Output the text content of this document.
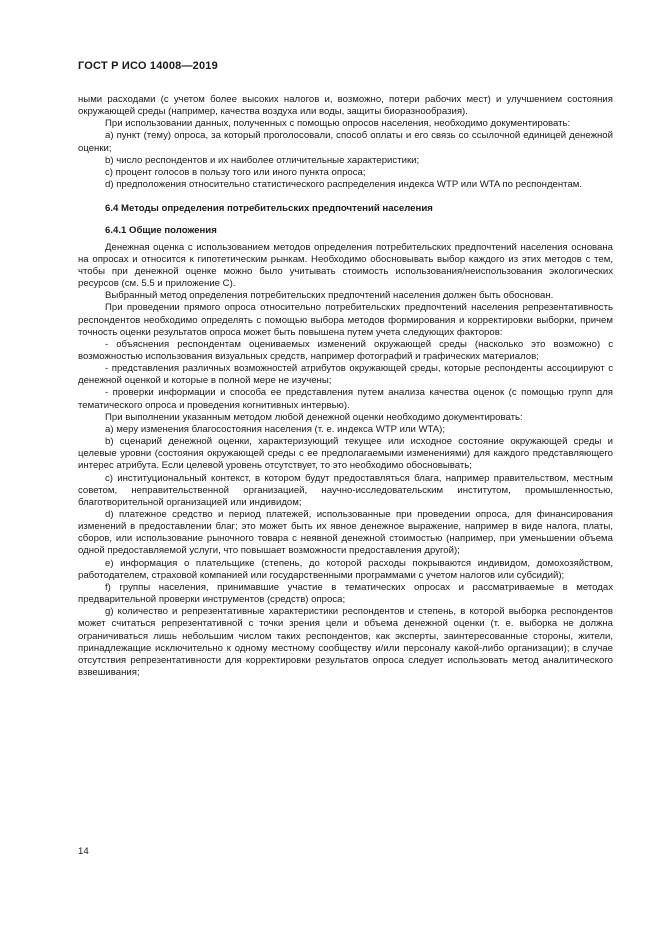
ГОСТ Р ИСО 14008—2019

ными расходами (с учетом более высоких налогов и, возможно, потери рабочих мест) и улучшением состояния окружающей среды (например, качества воздуха или воды, защиты биоразнообразия).

При использовании данных, полученных с помощью опросов населения, необходимо документировать:

a) пункт (тему) опроса, за который проголосовали, способ оплаты и его связь со ссылочной единицей денежной оценки;

b) число респондентов и их наиболее отличительные характеристики;

c) процент голосов в пользу того или иного пункта опроса;

d) предположения относительно статистического распределения индекса WTP или WTA по респондентам.

6.4 Методы определения потребительских предпочтений населения

6.4.1 Общие положения

Денежная оценка с использованием методов определения потребительских предпочтений населения основана на опросах и относится к гипотетическим рынкам. Необходимо обосновывать выбор каждого из этих методов с тем, чтобы при денежной оценке можно было учитывать стоимость использования/неиспользования экологических ресурсов (см. 5.5 и приложение C).

Выбранный метод определения потребительских предпочтений населения должен быть обоснован.

При проведении прямого опроса относительно потребительских предпочтений населения репрезентативность респондентов необходимо определять с помощью выбора методов формирования и корректировки выборки, причем точность оценки результатов опроса может быть повышена путем учета следующих факторов:

- объяснения респондентам оцениваемых изменений окружающей среды (насколько это возможно) с возможностью использования визуальных средств, например фотографий и графических материалов;

- представления различных возможностей атрибутов окружающей среды, которые респонденты ассоциируют с денежной оценкой и которые в полной мере не изучены;

- проверки информации и способа ее представления путем анализа качества оценок (с помощью групп для тематического опроса и проведения когнитивных интервью).

При выполнении указанным методом любой денежной оценки необходимо документировать:

a) меру изменения благосостояния населения (т. е. индекса WTP или WTA);

b) сценарий денежной оценки, характеризующий текущее или исходное состояние окружающей среды и целевые уровни (состояния окружающей среды с ее предполагаемыми изменениями) для каждого представляющего интерес атрибута. Если целевой уровень отсутствует, то это необходимо обосновывать;

c) институциональный контекст, в котором будут предоставляться блага, например правительством, местным советом, неправительственной организацией, научно-исследовательским институтом, промышленностью, благотворительной организацией или индивидом;

d) платежное средство и период платежей, использованные при проведении опроса, для финансирования изменений в предоставлении благ; это может быть их явное денежное выражение, например в виде налога, платы, сборов, или использование рыночного товара с неявной денежной стоимостью (например, при уменьшении объема одной предоставляемой услуги, что повышает возможности предоставления другой);

e) информация о плательщике (степень, до которой расходы покрываются индивидом, домохозяйством, работодателем, страховой компанией или государственными программами с учетом налогов или субсидий);

f) группы населения, принимавшие участие в тематических опросах и рассматриваемые в методах предварительной проверки инструментов (средств) опроса;

g) количество и репрезентативные характеристики респондентов и степень, в которой выборка респондентов может считаться репрезентативной с точки зрения цели и объема денежной оценки (т. е. выборка не должна ограничиваться лишь небольшим числом таких респондентов, как эксперты, заинтересованные стороны, жители, принадлежащие исключительно к одному местному сообществу и/или персоналу какой-либо организации); в случае отсутствия репрезентативности для корректировки результатов опроса следует использовать метод аналитического взвешивания;

14
